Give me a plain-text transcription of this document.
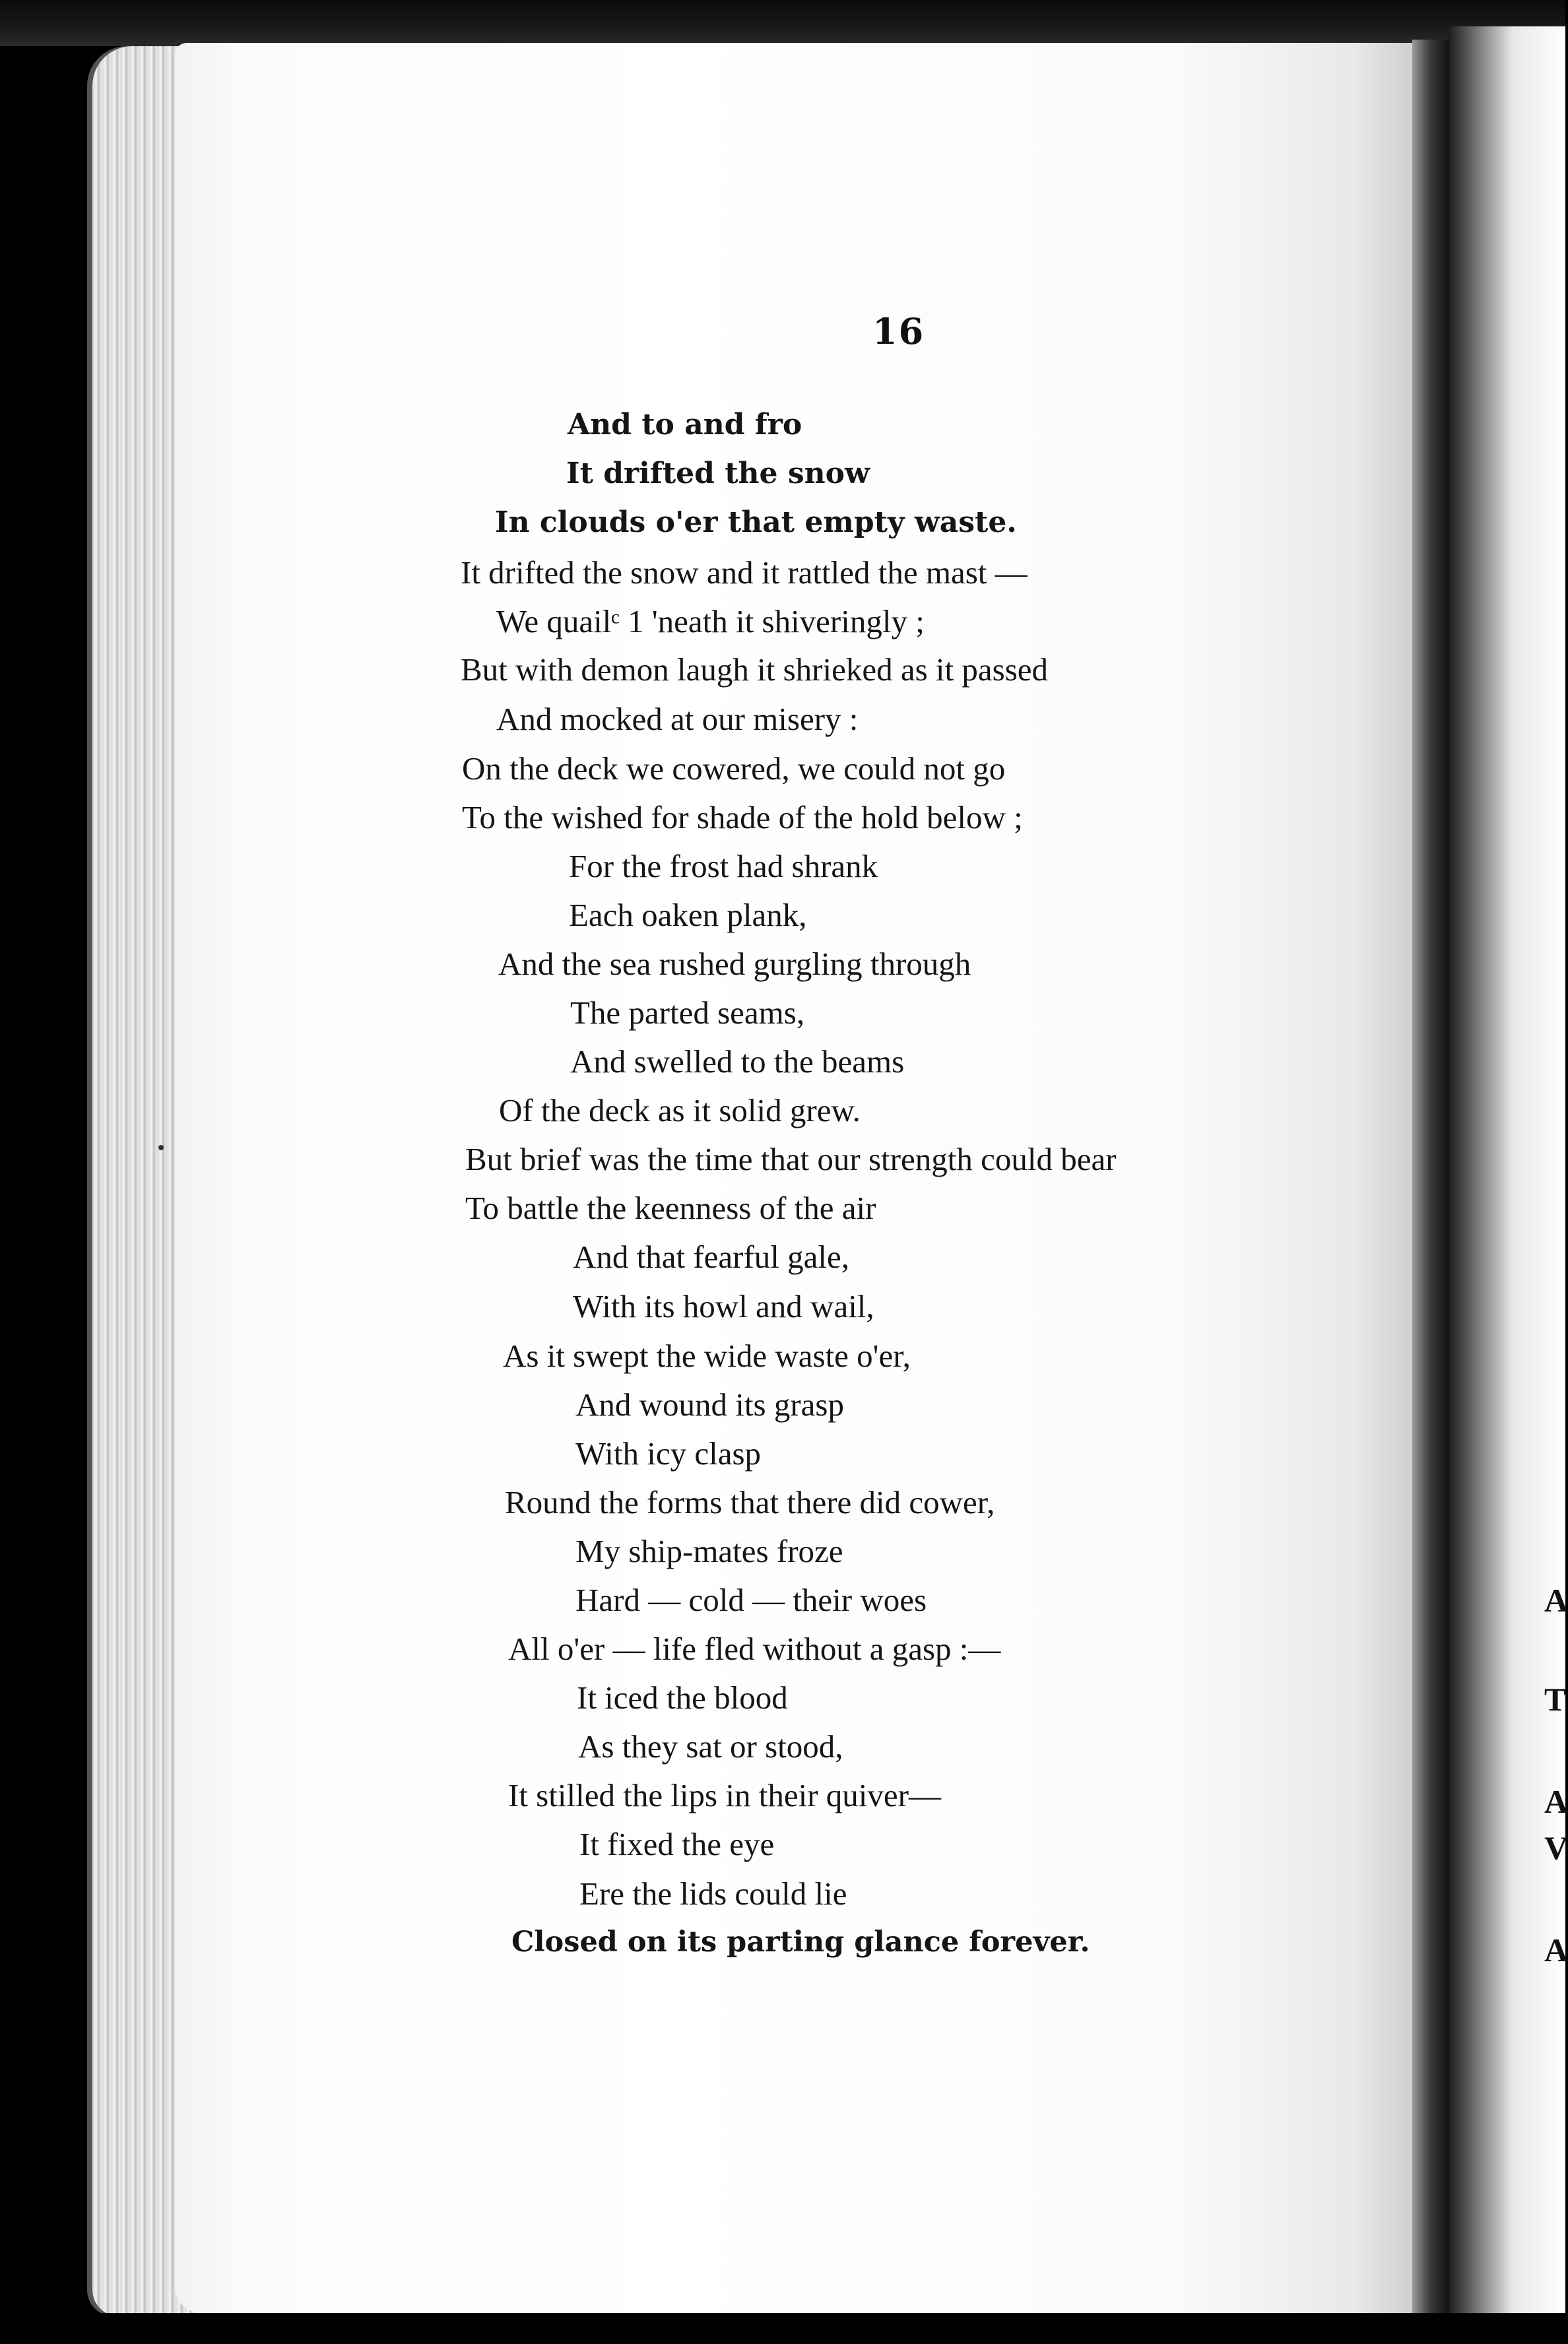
16
And to and fro
It drifted the snow
In clouds o'er that empty waste.
It drifted the snow and it rattled the mast —
We quailᶜ 1 'neath it shiveringly ;
But with demon laugh it shrieked as it passed
And mocked at our misery :
On the deck we cowered, we could not go
To the wished for shade of the hold below ;
For the frost had shrank
Each oaken plank,
And the sea rushed gurgling through
The parted seams,
And swelled to the beams
Of the deck as it solid grew.
But brief was the time that our strength could bear
To battle the keenness of the air
And that fearful gale,
With its howl and wail,
As it swept the wide waste o'er,
And wound its grasp
With icy clasp
Round the forms that there did cower,
My ship-mates froze
Hard — cold — their woes
All o'er — life fled without a gasp :—
It iced the blood
As they sat or stood,
It stilled the lips in their quiver—
It fixed the eye
Ere the lids could lie
Closed on its parting glance forever.
A
T
A
V
A
